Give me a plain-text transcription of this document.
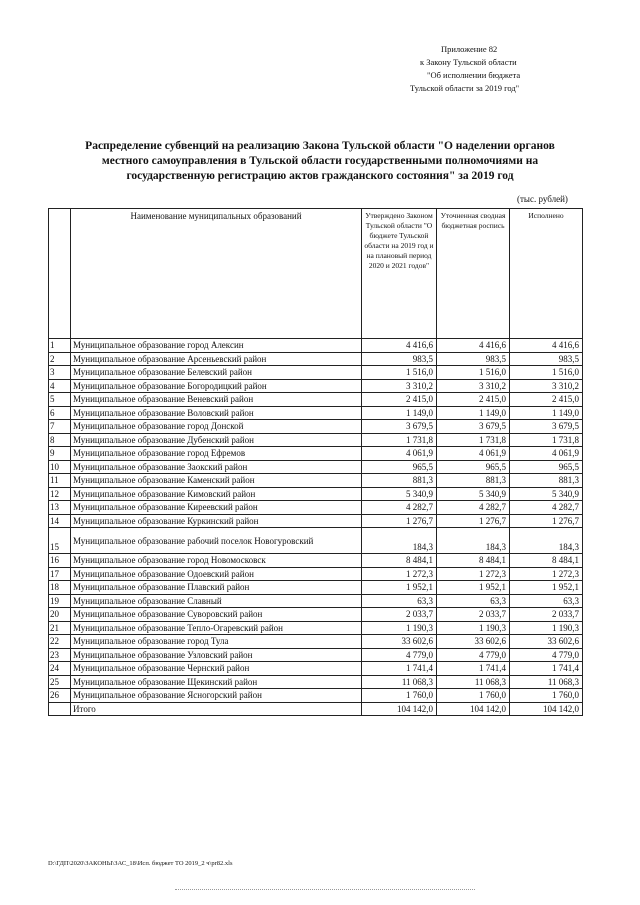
Приложение 82
к Закону Тульской области
"Об исполнении бюджета
Тульской области за 2019 год"
Распределение субвенций на реализацию Закона Тульской области "О наделении органов
местного самоуправления в Тульской области государственными полномочиями на
государственную регистрацию актов гражданского состояния" за 2019 год
(тыс. рублей)
	Наименование муниципальных образований	Утверждено Законом Тульской области "О бюджете Тульской области на 2019 год и на плановый период 2020 и 2021 годов"	Уточненная сводная бюджетная роспись	Исполнено
1	Муниципальное образование город Алексин	4 416,6	4 416,6	4 416,6
2	Муниципальное образование Арсеньевский район	983,5	983,5	983,5
3	Муниципальное образование Белевский район	1 516,0	1 516,0	1 516,0
4	Муниципальное образование Богородицкий район	3 310,2	3 310,2	3 310,2
5	Муниципальное образование Веневский район	2 415,0	2 415,0	2 415,0
6	Муниципальное образование Воловский район	1 149,0	1 149,0	1 149,0
7	Муниципальное образование город Донской	3 679,5	3 679,5	3 679,5
8	Муниципальное образование Дубенский район	1 731,8	1 731,8	1 731,8
9	Муниципальное образование город Ефремов	4 061,9	4 061,9	4 061,9
10	Муниципальное образование Заокский район	965,5	965,5	965,5
11	Муниципальное образование Каменский район	881,3	881,3	881,3
12	Муниципальное образование Кимовский район	5 340,9	5 340,9	5 340,9
13	Муниципальное образование Киреевский район	4 282,7	4 282,7	4 282,7
14	Муниципальное образование Куркинский район	1 276,7	1 276,7	1 276,7
15	Муниципальное образование рабочий поселок Новогуровский	184,3	184,3	184,3
16	Муниципальное образование город Новомосковск	8 484,1	8 484,1	8 484,1
17	Муниципальное образование Одоевский район	1 272,3	1 272,3	1 272,3
18	Муниципальное образование Плавский район	1 952,1	1 952,1	1 952,1
19	Муниципальное образование Славный	63,3	63,3	63,3
20	Муниципальное образование Суворовский район	2 033,7	2 033,7	2 033,7
21	Муниципальное образование Тепло-Огаревский район	1 190,3	1 190,3	1 190,3
22	Муниципальное образование город Тула	33 602,6	33 602,6	33 602,6
23	Муниципальное образование Узловский район	4 779,0	4 779,0	4 779,0
24	Муниципальное образование Чернский район	1 741,4	1 741,4	1 741,4
25	Муниципальное образование Щекинский район	11 068,3	11 068,3	11 068,3
26	Муниципальное образование Ясногорский район	1 760,0	1 760,0	1 760,0
	Итого	104 142,0	104 142,0	104 142,0
D:\ГДП\2020\ЗАКОНЫ\ЗАС_18\Исп. бюджет ТО 2019_2 ч\pr82.xls
